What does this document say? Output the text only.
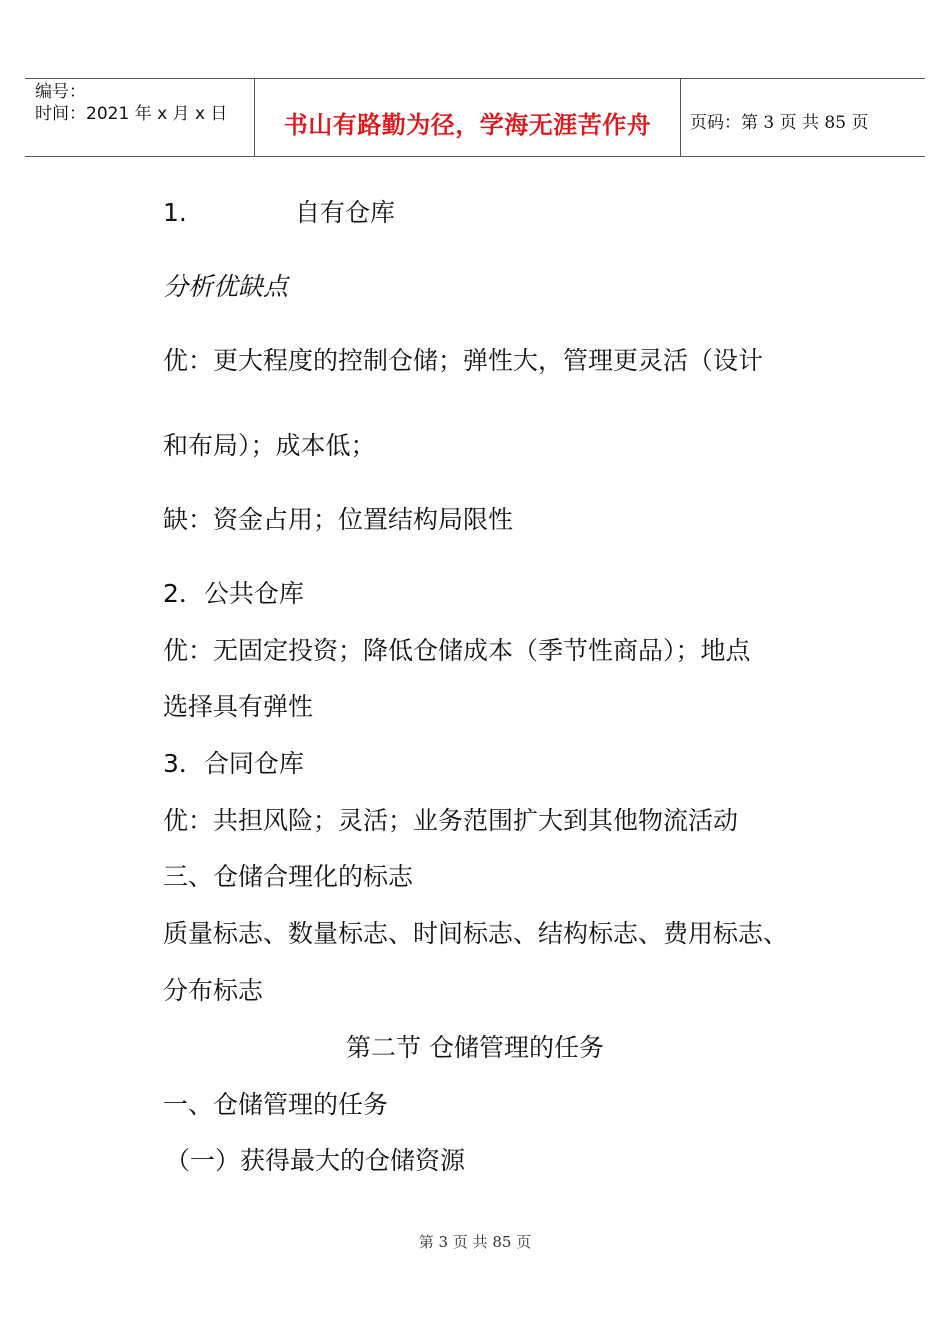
编号：
时间：2021 年 x 月 x 日	书山有路勤为径，学海无涯苦作舟	页码：第 3 页 共 85 页
1.	自有仓库
分析优缺点
优：更大程度的控制仓储；弹性大，管理更灵活（设计
和布局）；成本低；
缺：资金占用；位置结构局限性
2．公共仓库
优：无固定投资；降低仓储成本（季节性商品）；地点
选择具有弹性
3．合同仓库
优：共担风险；灵活；业务范围扩大到其他物流活动
三、仓储合理化的标志
质量标志、数量标志、时间标志、结构标志、费用标志、
分布标志
第二节 仓储管理的任务
一、仓储管理的任务
（一）获得最大的仓储资源
第 3 页 共 85 页
